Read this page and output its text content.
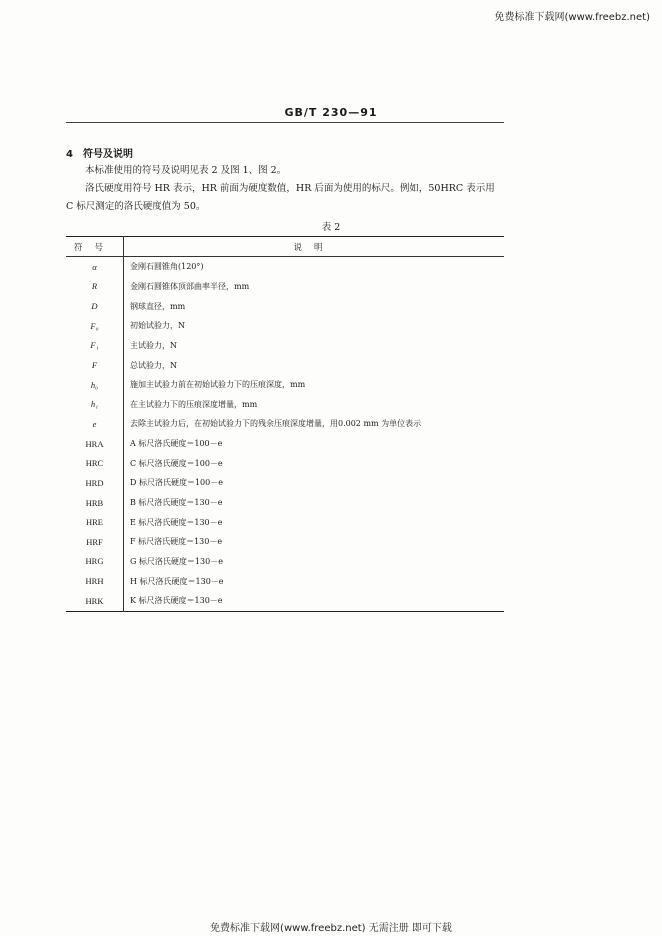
免费标准下载网(www.freebz.net)
GB/T 230—91
4 符号及说明
本标准使用的符号及说明见表 2 及图 1、图 2。
洛氏硬度用符号 HR 表示，HR 前面为硬度数值，HR 后面为使用的标尺。例如，50HRC 表示用 C 标尺测定的洛氏硬度值为 50。
表 2
符号	说明
α	金刚石圆锥角(120°)
R	金刚石圆锥体顶部曲率半径，mm
D	钢球直径，mm
F₀	初始试验力，N
F₁	主试验力，N
F	总试验力，N
h₀	施加主试验力前在初始试验力下的压痕深度，mm
h₁	在主试验力下的压痕深度增量，mm
e	去除主试验力后，在初始试验力下的残余压痕深度增量，用0.002 mm 为单位表示
HRA	A 标尺洛氏硬度＝100－e
HRC	C 标尺洛氏硬度＝100－e
HRD	D 标尺洛氏硬度＝100－e
HRB	B 标尺洛氏硬度＝130－e
HRE	E 标尺洛氏硬度＝130－e
HRF	F 标尺洛氏硬度＝130－e
HRG	G 标尺洛氏硬度＝130－e
HRH	H 标尺洛氏硬度＝130－e
HRK	K 标尺洛氏硬度＝130－e
免费标准下载网(www.freebz.net) 无需注册 即可下载
